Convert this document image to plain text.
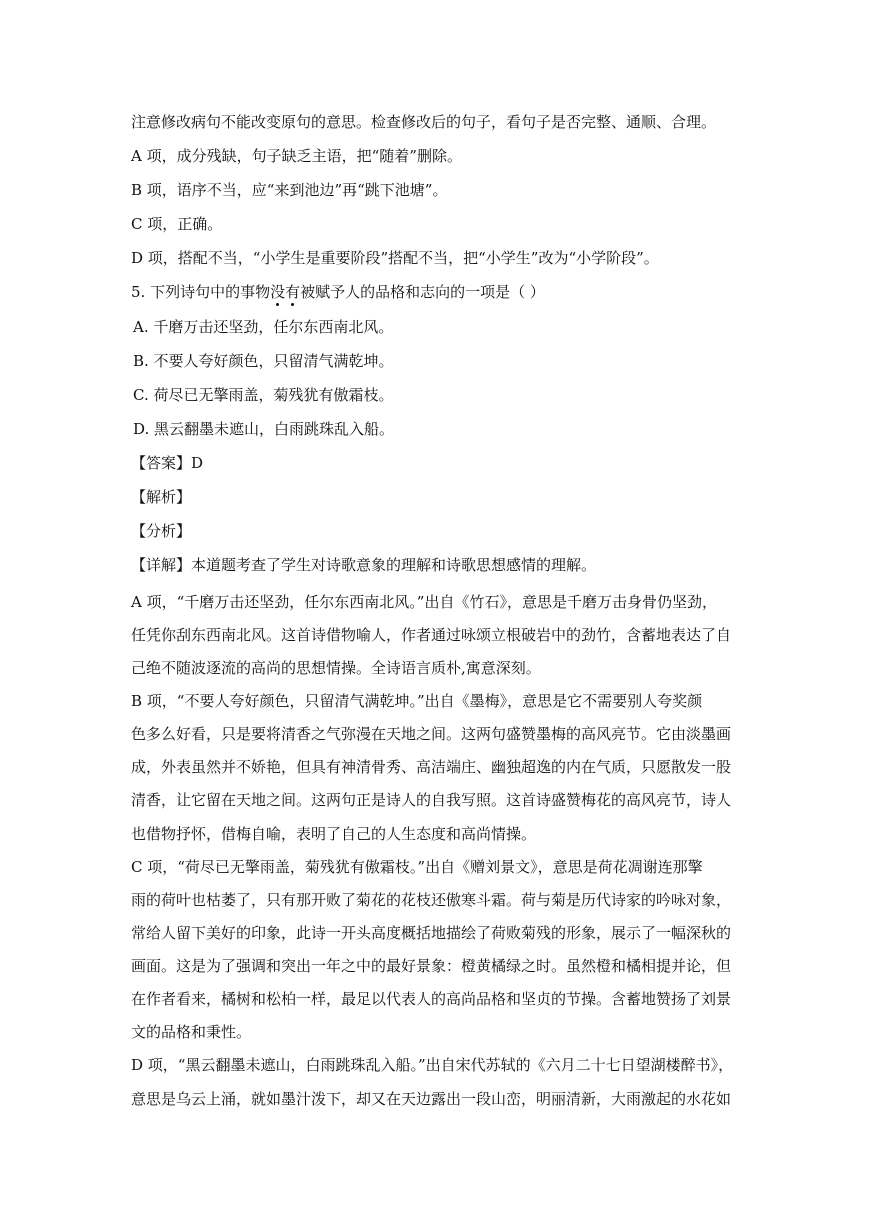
注意修改病句不能改变原句的意思。检查修改后的句子，看句子是否完整、通顺、合理。
A 项，成分残缺，句子缺乏主语，把“随着”删除。
B 项，语序不当，应“来到池边”再“跳下池塘”。
C 项，正确。
D 项，搭配不当，“小学生是重要阶段”搭配不当，把“小学生”改为“小学阶段”。
5. 下列诗句中的事物没有被赋予人的品格和志向的一项是（ ）
A. 千磨万击还坚劲，任尔东西南北风。
B. 不要人夸好颜色，只留清气满乾坤。
C. 荷尽已无擎雨盖，菊残犹有傲霜枝。
D. 黑云翻墨未遮山，白雨跳珠乱入船。
【答案】D
【解析】
【分析】
【详解】本道题考查了学生对诗歌意象的理解和诗歌思想感情的理解。
A 项，“千磨万击还坚劲，任尔东西南北风。”出自《竹石》，意思是千磨万击身骨仍坚劲，
任凭你刮东西南北风。这首诗借物喻人，作者通过咏颂立根破岩中的劲竹，含蓄地表达了自
己绝不随波逐流的高尚的思想情操。全诗语言质朴,寓意深刻。
B 项，“不要人夸好颜色，只留清气满乾坤。”出自《墨梅》，意思是它不需要别人夸奖颜
色多么好看，只是要将清香之气弥漫在天地之间。这两句盛赞墨梅的高风亮节。它由淡墨画
成，外表虽然并不娇艳，但具有神清骨秀、高洁端庄、幽独超逸的内在气质，只愿散发一股
清香，让它留在天地之间。这两句正是诗人的自我写照。这首诗盛赞梅花的高风亮节，诗人
也借物抒怀，借梅自喻，表明了自己的人生态度和高尚情操。
C 项，“荷尽已无擎雨盖，菊残犹有傲霜枝。”出自《赠刘景文》，意思是荷花凋谢连那擎
雨的荷叶也枯萎了，只有那开败了菊花的花枝还傲寒斗霜。荷与菊是历代诗家的吟咏对象，
常给人留下美好的印象，此诗一开头高度概括地描绘了荷败菊残的形象，展示了一幅深秋的
画面。这是为了强调和突出一年之中的最好景象：橙黄橘绿之时。虽然橙和橘相提并论，但
在作者看来，橘树和松柏一样，最足以代表人的高尚品格和坚贞的节操。含蓄地赞扬了刘景
文的品格和秉性。
D 项，“黑云翻墨未遮山，白雨跳珠乱入船。”出自宋代苏轼的《六月二十七日望湖楼醉书》，
意思是乌云上涌，就如墨汁泼下，却又在天边露出一段山峦，明丽清新，大雨激起的水花如
